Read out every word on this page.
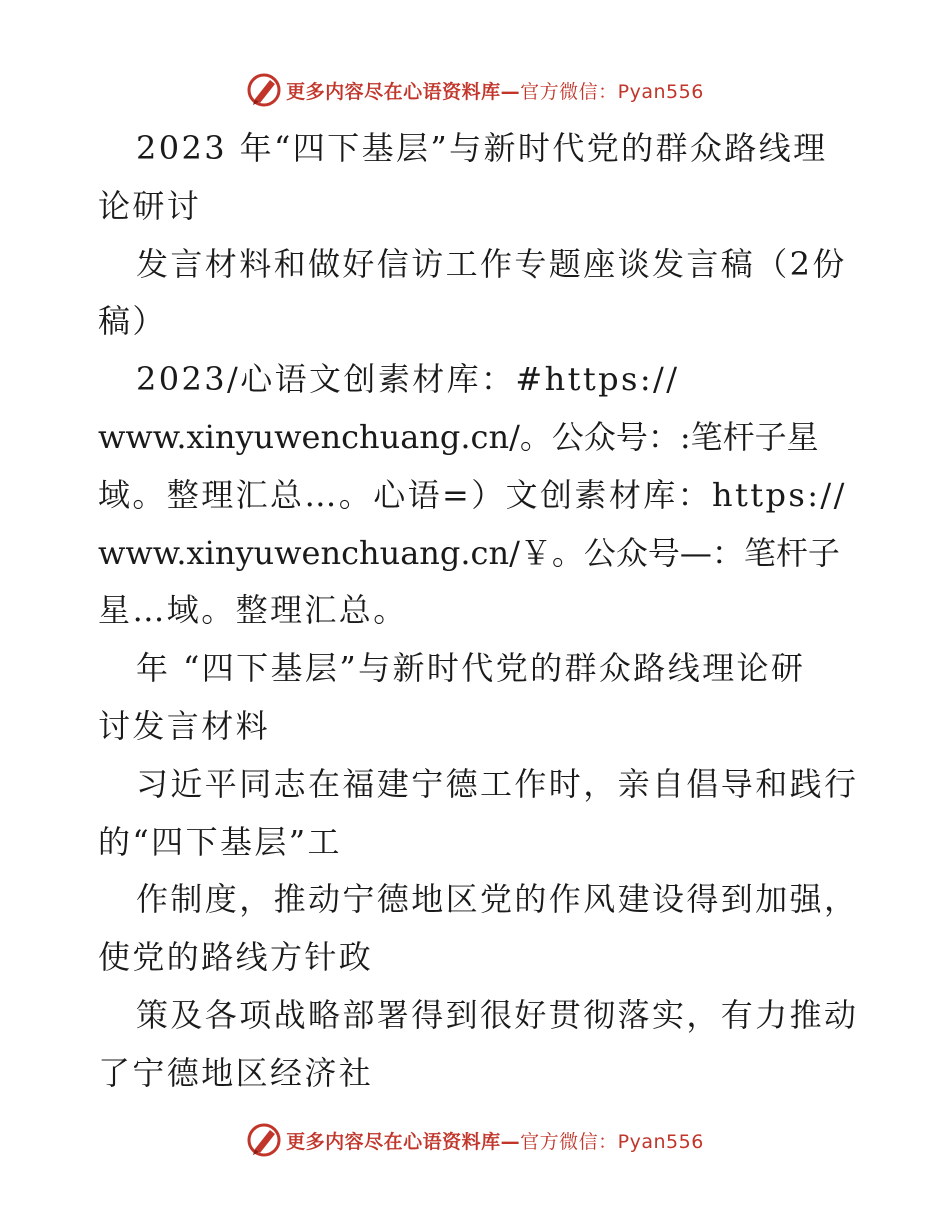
更多内容尽在心语资料库—官方微信：Pyan556
2023 年“四下基层”与新时代党的群众路线理
论研讨
发言材料和做好信访工作专题座谈发言稿（2份
稿）
2023/心语文创素材库：#https://
www.xinyuwenchuang.cn/。公众号：:笔杆子星
域。整理汇总…。心语=）文创素材库：https://
www.xinyuwenchuang.cn/￥。公众号—：笔杆子
星…域。整理汇总。
年 “四下基层”与新时代党的群众路线理论研
讨发言材料
习近平同志在福建宁德工作时，亲自倡导和践行
的“四下基层”工
作制度，推动宁德地区党的作风建设得到加强，
使党的路线方针政
策及各项战略部署得到很好贯彻落实，有力推动
了宁德地区经济社
更多内容尽在心语资料库—官方微信：Pyan556
